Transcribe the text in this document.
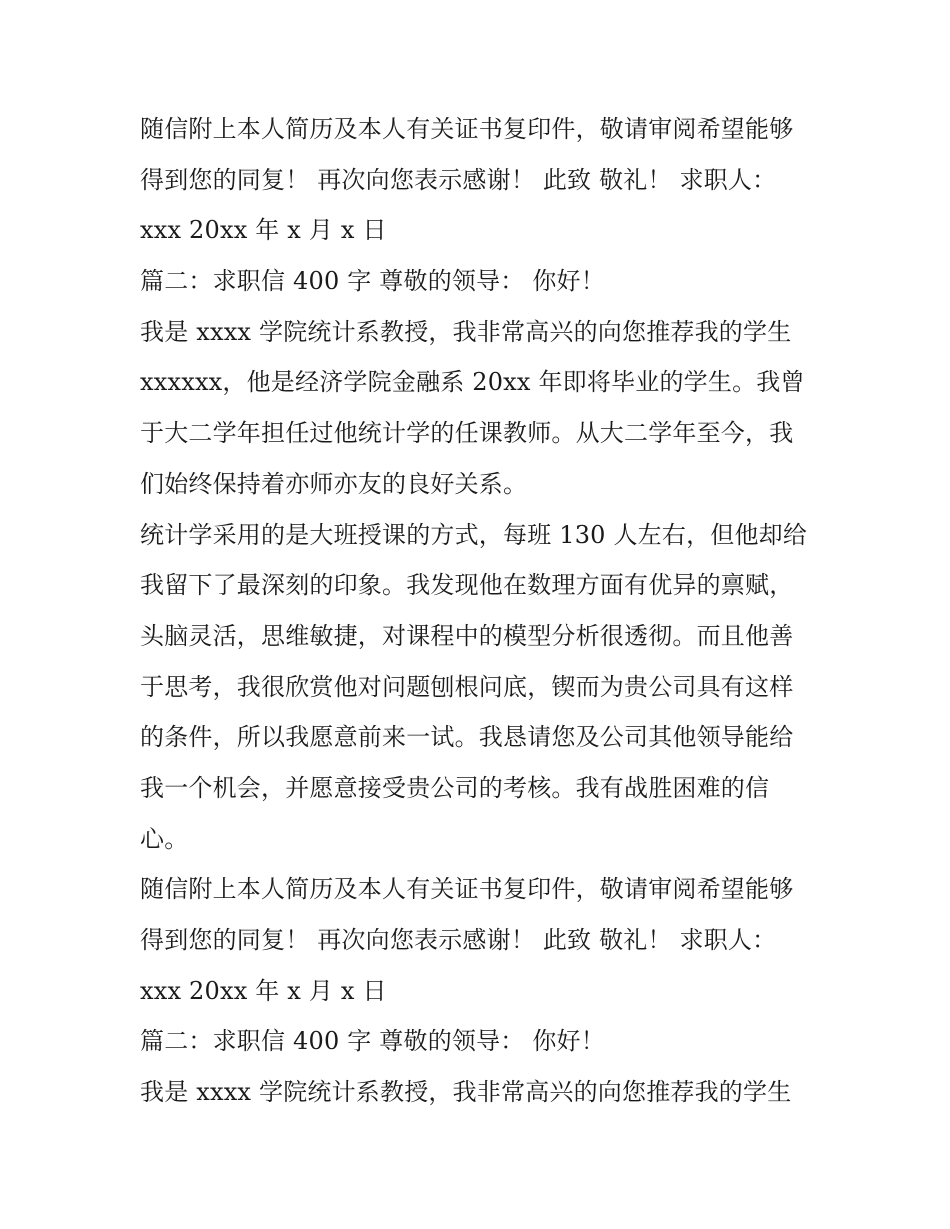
随信附上本人简历及本人有关证书复印件，敬请审阅希望能够
得到您的同复！ 再次向您表示感谢！ 此致 敬礼！ 求职人：
xxx 20xx 年 x 月 x 日
篇二：求职信 400 字 尊敬的领导： 你好！
我是 xxxx 学院统计系教授，我非常高兴的向您推荐我的学生
xxxxxx，他是经济学院金融系 20xx 年即将毕业的学生。我曾
于大二学年担任过他统计学的任课教师。从大二学年至今，我
们始终保持着亦师亦友的良好关系。
统计学采用的是大班授课的方式，每班 130 人左右，但他却给
我留下了最深刻的印象。我发现他在数理方面有优异的禀赋，
头脑灵活，思维敏捷，对课程中的模型分析很透彻。而且他善
于思考，我很欣赏他对问题刨根问底，锲而为贵公司具有这样
的条件，所以我愿意前来一试。我恳请您及公司其他领导能给
我一个机会，并愿意接受贵公司的考核。我有战胜困难的信
心。
随信附上本人简历及本人有关证书复印件，敬请审阅希望能够
得到您的同复！ 再次向您表示感谢！ 此致 敬礼！ 求职人：
xxx 20xx 年 x 月 x 日
篇二：求职信 400 字 尊敬的领导： 你好！
我是 xxxx 学院统计系教授，我非常高兴的向您推荐我的学生
